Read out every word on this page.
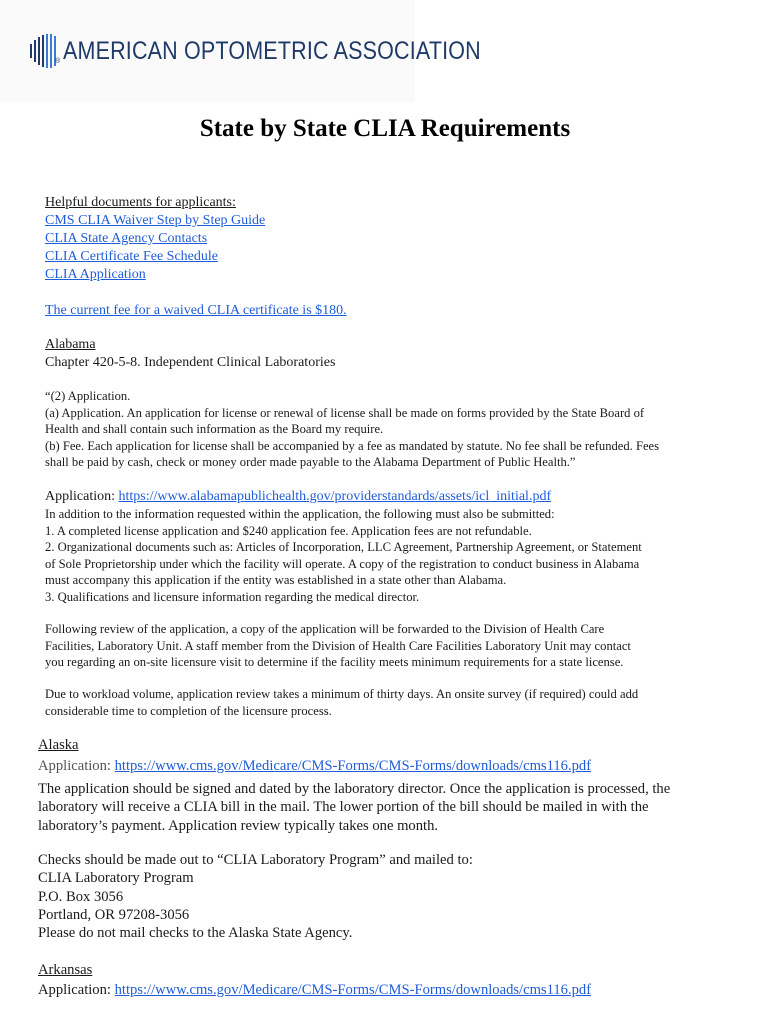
AMERICAN OPTOMETRIC ASSOCIATION
®
State by State CLIA Requirements
Helpful documents for applicants:
CMS CLIA Waiver Step by Step Guide
CLIA State Agency Contacts
CLIA Certificate Fee Schedule
CLIA Application
The current fee for a waived CLIA certificate is $180.
Alabama
Chapter 420-5-8. Independent Clinical Laboratories
“(2) Application.
(a) Application. An application for license or renewal of license shall be made on forms provided by the State Board of
Health and shall contain such information as the Board my require.
(b) Fee. Each application for license shall be accompanied by a fee as mandated by statute. No fee shall be refunded. Fees
shall be paid by cash, check or money order made payable to the Alabama Department of Public Health.”
Application: https://www.alabamapublichealth.gov/providerstandards/assets/icl_initial.pdf
In addition to the information requested within the application, the following must also be submitted:
1. A completed license application and $240 application fee. Application fees are not refundable.
2. Organizational documents such as: Articles of Incorporation, LLC Agreement, Partnership Agreement, or Statement
of Sole Proprietorship under which the facility will operate. A copy of the registration to conduct business in Alabama
must accompany this application if the entity was established in a state other than Alabama.
3. Qualifications and licensure information regarding the medical director.
Following review of the application, a copy of the application will be forwarded to the Division of Health Care
Facilities, Laboratory Unit. A staff member from the Division of Health Care Facilities Laboratory Unit may contact
you regarding an on-site licensure visit to determine if the facility meets minimum requirements for a state license.
Due to workload volume, application review takes a minimum of thirty days. An onsite survey (if required) could add
considerable time to completion of the licensure process.
Alaska
Application: https://www.cms.gov/Medicare/CMS-Forms/CMS-Forms/downloads/cms116.pdf
The application should be signed and dated by the laboratory director. Once the application is processed, the
laboratory will receive a CLIA bill in the mail. The lower portion of the bill should be mailed in with the
laboratory’s payment. Application review typically takes one month.
Checks should be made out to “CLIA Laboratory Program” and mailed to:
CLIA Laboratory Program
P.O. Box 3056
Portland, OR 97208-3056
Please do not mail checks to the Alaska State Agency.
Arkansas
Application: https://www.cms.gov/Medicare/CMS-Forms/CMS-Forms/downloads/cms116.pdf
